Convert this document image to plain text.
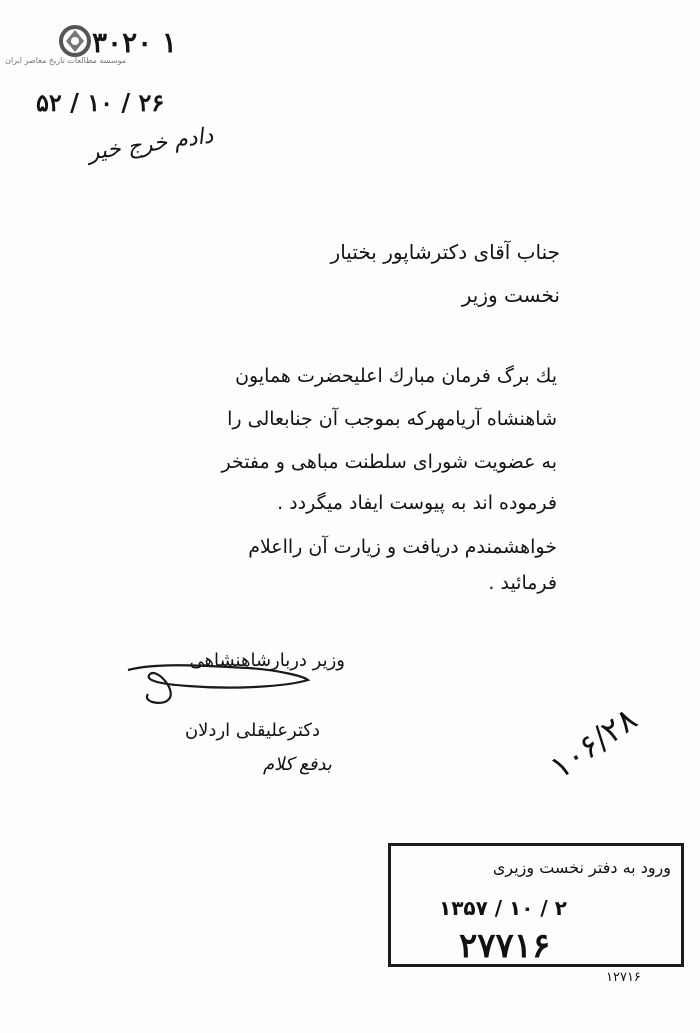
موسسه مطالعات تاریخ معاصر ایران
۱ ۳۰۲۰
۵۲ / ۱۰ / ۲۶
دادم خرج خیر
جناب آقای دکترشاپور بختیار
نخست وزیر
یك برگ فرمان مبارك اعلیحضرت همایون
شاهنشاه آریامهرکه بموجب آن جنابعالی را
به عضویت شورای سلطنت مباهی و مفتخر
فرموده اند به پیوست ایفاد میگردد .
خواهشمندم دریافت و زیارت آن رااعلام
فرمائید .
وزیر دربارشاهنشاهی
دکترعلیقلی اردلان
بدفع کلام	۱۰۶/۲۸
ورود به دفتر نخست وزیری
۱۳۵۷ / ۱۰ / ۲
۲۷۷۱۶
۱۲۷۱۶
